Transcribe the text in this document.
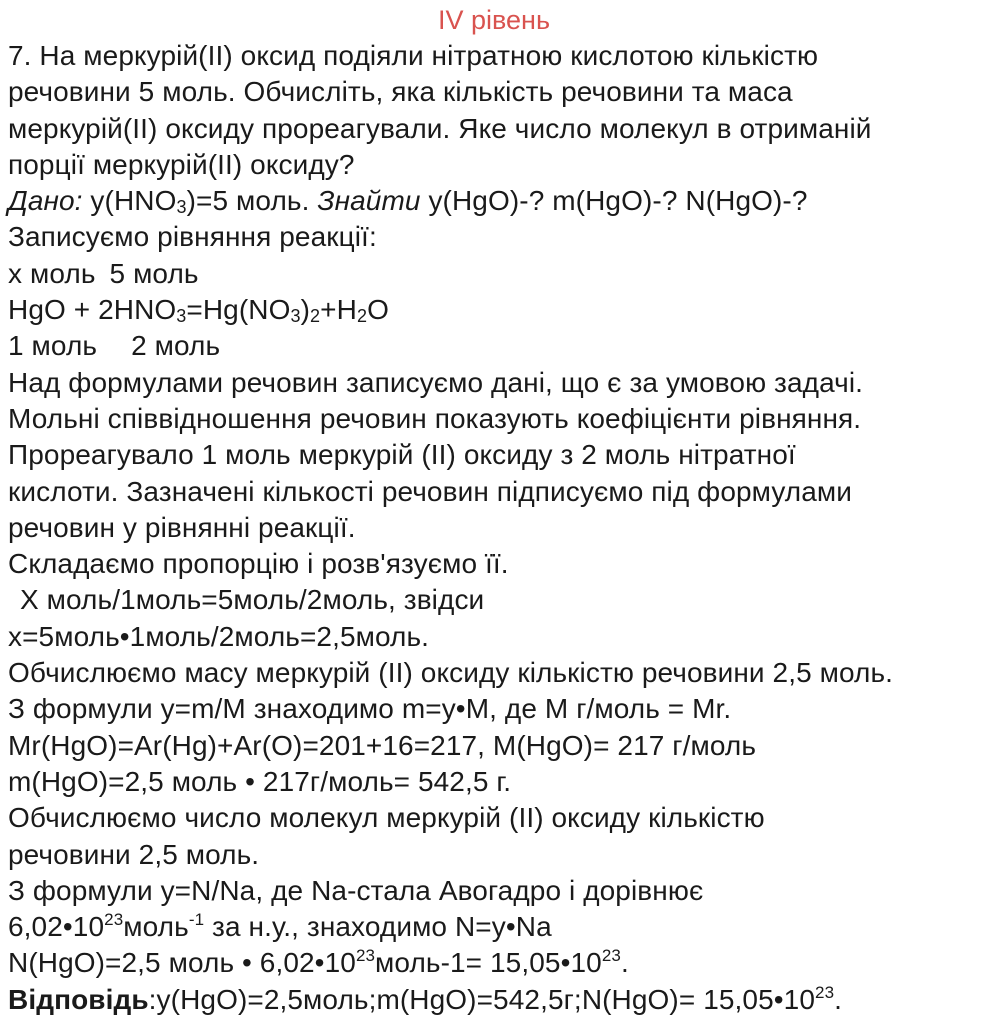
IV рівень
7. На меркурій(ІІ) оксид подіяли нітратною кислотою кількістю
речовини 5 моль. Обчисліть, яка кількість речовини та маса
меркурій(ІІ) оксиду прореагували. Яке число молекул в отриманій
порції меркурій(ІІ) оксиду?
Дано: $у(HNO_3)=5$ моль. Знайти у(HgO)-? m(HgO)-? N(HgO)-?
Записуємо рівняння реакції:
х моль 5 моль
HgO + $2HNO_3=Hg(NO_3)_2+H_2O$
1 моль 2 моль
Над формулами речовин записуємо дані, що є за умовою задачі.
Мольні співвідношення речовин показують коефіцієнти рівняння.
Прореагувало 1 моль меркурій (ІІ) оксиду з 2 моль нітратної
кислоти. Зазначені кількості речовин підписуємо під формулами
речовин у рівнянні реакції.
Складаємо пропорцію і розв'язуємо її.
Х моль/1моль=5моль/2моль, звідси
х=5моль•1моль/2моль=2,5моль.
Обчислюємо масу меркурій (ІІ) оксиду кількістю речовини 2,5 моль.
З формули y=m/M знаходимо m=y•M, де М г/моль = Mr.
Mr(HgO)=Ar(Hg)+Ar(O)=201+16=217, M(HgO)= 217 г/моль
m(HgO)=2,5 моль • 217г/моль= 542,5 г.
Обчислюємо число молекул меркурій (ІІ) оксиду кількістю
речовини 2,5 моль.
З формули y=N/Na, де Na-стала Авогадро і дорівнює
$6,02•10^{23}моль^{-1}$ за н.у., знаходимо N=y•Na
N(HgO)=2,5 моль • $6,02•10^{23}моль-1=$ $15,05•10^{23}$.
Відповідь:у(HgO)=2,5моль;m(HgO)=542,5г;N(HgO)= $15,05•10^{23}$.
